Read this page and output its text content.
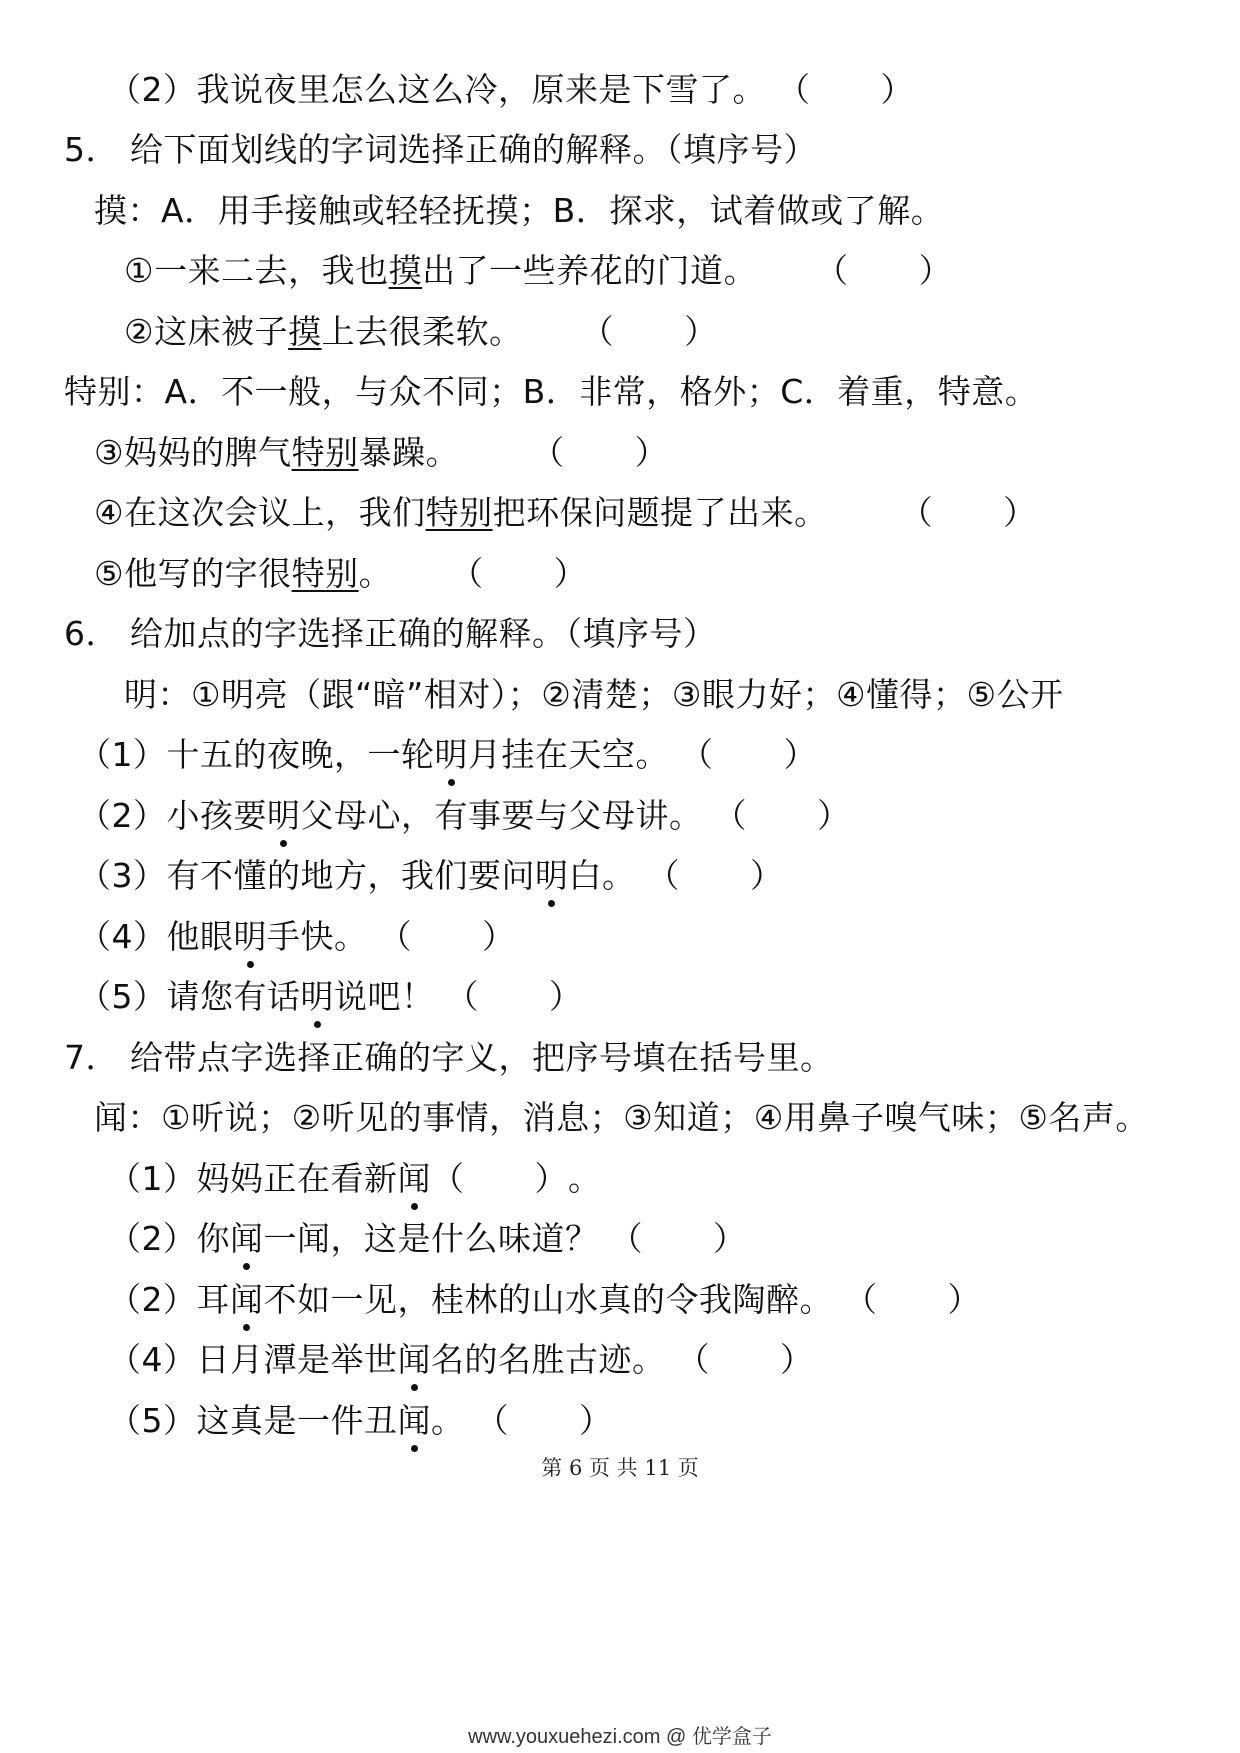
（2）我说夜里怎么这么冷，原来是下雪了。 （ ）
5． 给下面划线的字词选择正确的解释。（填序号）
摸：A．用手接触或轻轻抚摸；B．探求，试着做或了解。
①一来二去，我也摸出了一些养花的门道。 （ ）
②这床被子摸上去很柔软。 （ ）
特别：A．不一般，与众不同；B．非常，格外；C．着重，特意。
③妈妈的脾气特别暴躁。 （ ）
④在这次会议上，我们特别把环保问题提了出来。 （ ）
⑤他写的字很特别。 （ ）
6． 给加点的字选择正确的解释。（填序号）
明：①明亮（跟“暗”相对）；②清楚；③眼力好；④懂得；⑤公开
（1）十五的夜晚，一轮明月挂在天空。 （ ）
（2）小孩要明父母心，有事要与父母讲。 （ ）
（3）有不懂的地方，我们要问明白。 （ ）
（4）他眼明手快。 （ ）
（5）请您有话明说吧！ （ ）
7． 给带点字选择正确的字义，把序号填在括号里。
闻：①听说；②听见的事情，消息；③知道；④用鼻子嗅气味；⑤名声。
（1）妈妈正在看新闻（ ）。
（2）你闻一闻，这是什么味道？ （ ）
（2）耳闻不如一见，桂林的山水真的令我陶醉。 （ ）
（4）日月潭是举世闻名的名胜古迹。 （ ）
（5）这真是一件丑闻。 （ ）
第 6 页 共 11 页
www.youxuehezi.com @ 优学盒子
